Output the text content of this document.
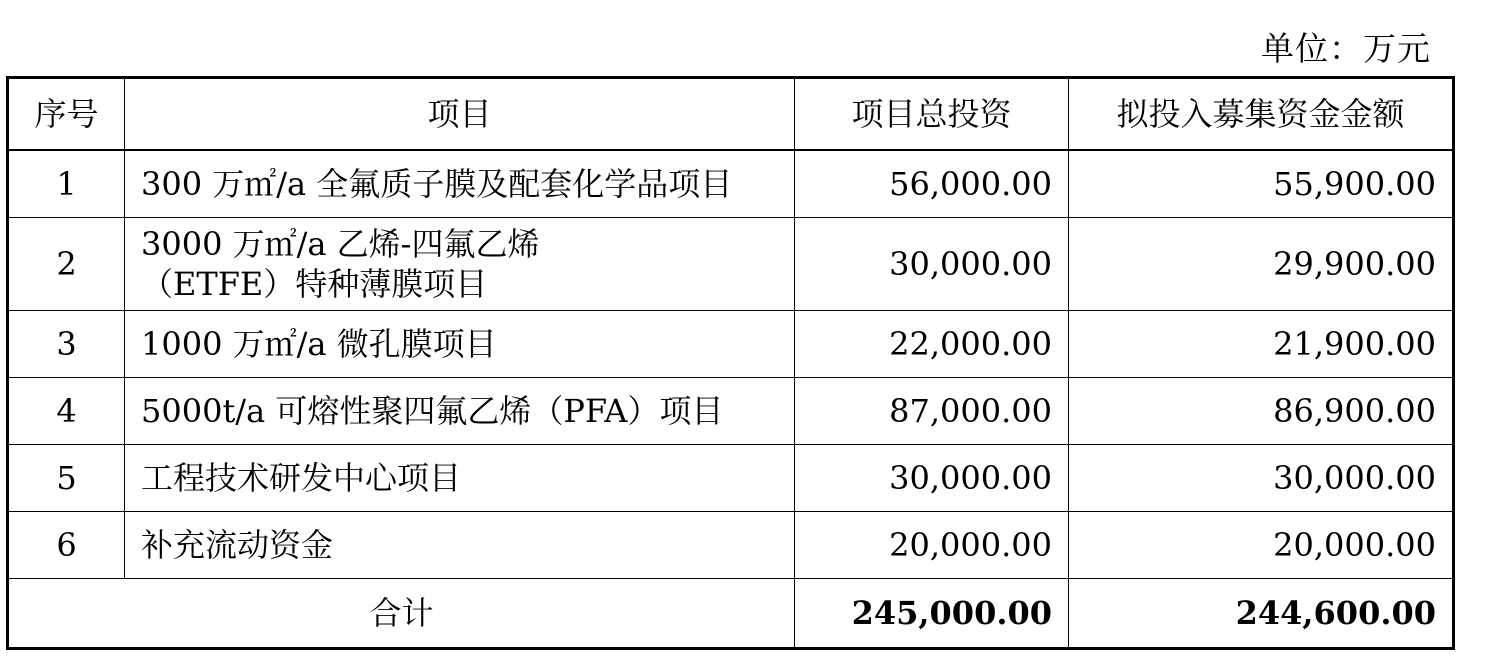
单位：万元
序号	项目	项目总投资	拟投入募集资金金额
1	300 万㎡/a 全氟质子膜及配套化学品项目	56,000.00	55,900.00
2	3000 万㎡/a 乙烯-四氟乙烯
（ETFE）特种薄膜项目	30,000.00	29,900.00
3	1000 万㎡/a 微孔膜项目	22,000.00	21,900.00
4	5000t/a 可熔性聚四氟乙烯（PFA）项目	87,000.00	86,900.00
5	工程技术研发中心项目	30,000.00	30,000.00
6	补充流动资金	20,000.00	20,000.00
合计		245,000.00	244,600.00
